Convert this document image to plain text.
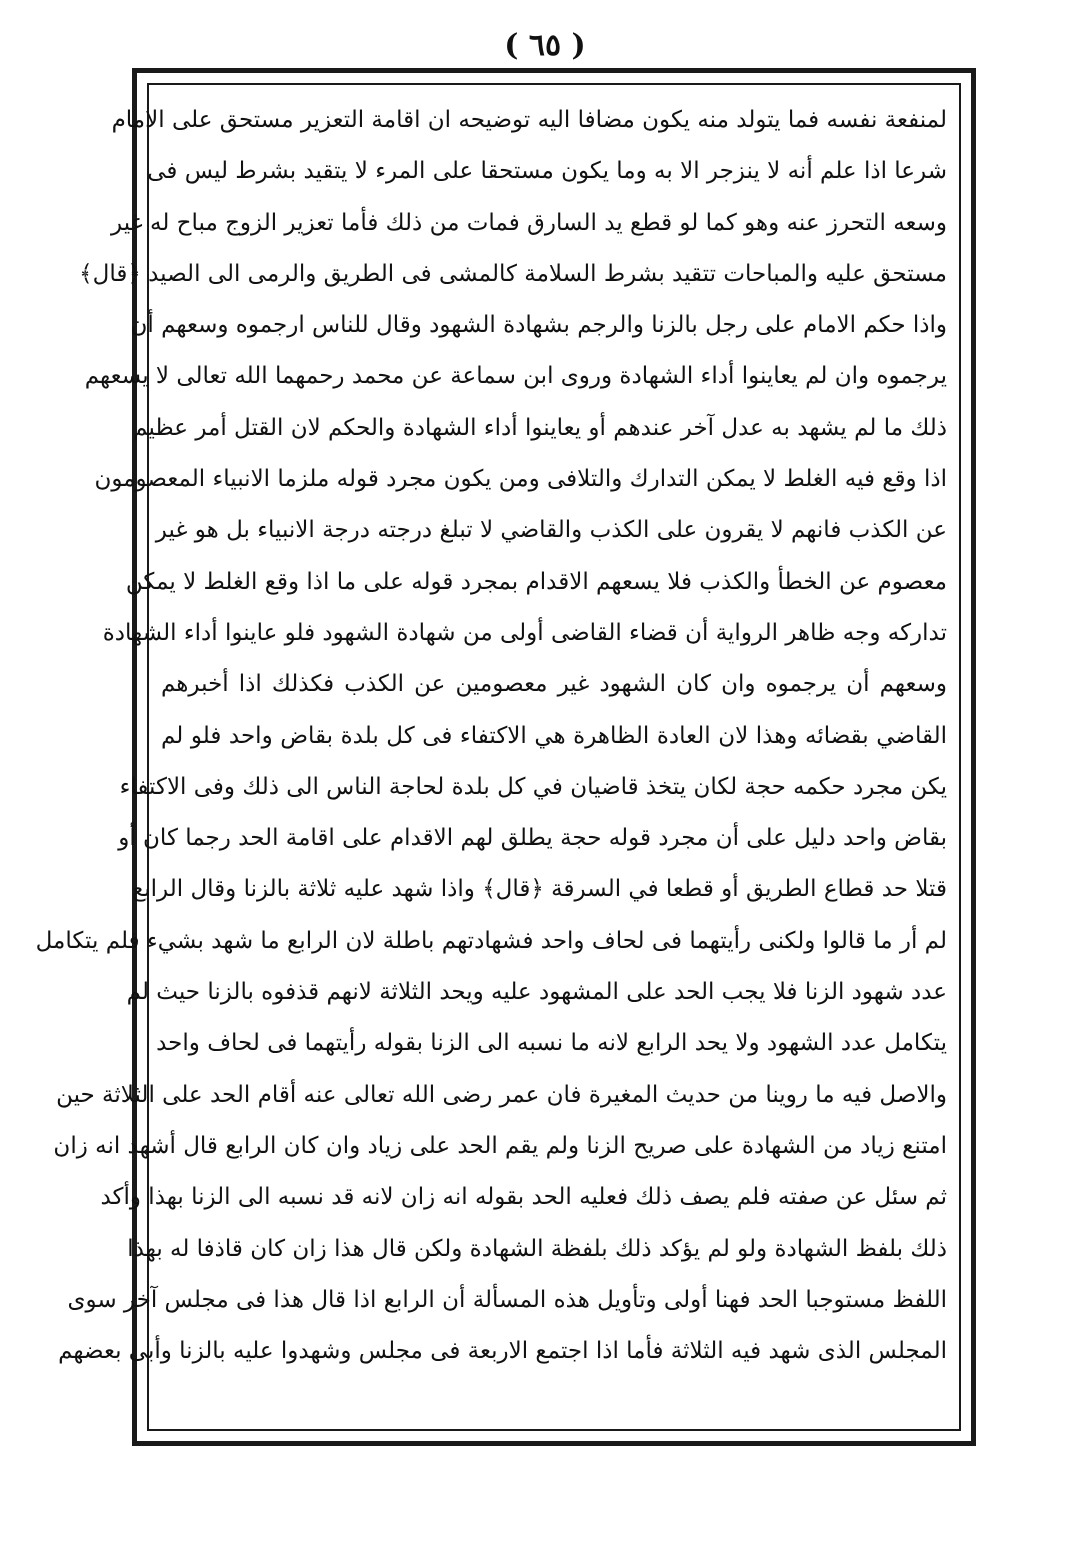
( ٦٥ )
لمنفعة نفسه فما يتولد منه يكون مضافا اليه توضيحه ان اقامة التعزير مستحق على الامام
شرعا اذا علم أنه لا ينزجر الا به وما يكون مستحقا على المرء لا يتقيد بشرط ليس فى
وسعه التحرز عنه وهو كما لو قطع يد السارق فمات من ذلك فأما تعزير الزوج مباح له غير
مستحق عليه والمباحات تتقيد بشرط السلامة كالمشى فى الطريق والرمى الى الصيد ﴿قال﴾
واذا حكم الامام على رجل بالزنا والرجم بشهادة الشهود وقال للناس ارجموه وسعهم أن
يرجموه وان لم يعاينوا أداء الشهادة وروى ابن سماعة عن محمد رحمهما الله تعالى لا يسعهم
ذلك ما لم يشهد به عدل آخر عندهم أو يعاينوا أداء الشهادة والحكم لان القتل أمر عظيم
اذا وقع فيه الغلط لا يمكن التدارك والتلافى ومن يكون مجرد قوله ملزما الانبياء المعصومون
عن الكذب فانهم لا يقرون على الكذب والقاضي لا تبلغ درجته درجة الانبياء بل هو غير
معصوم عن الخطأ والكذب فلا يسعهم الاقدام بمجرد قوله على ما اذا وقع الغلط لا يمكن
تداركه وجه ظاهر الرواية أن قضاء القاضى أولى من شهادة الشهود فلو عاينوا أداء الشهادة
وسعهم أن يرجموه وان كان الشهود غير معصومين عن الكذب فكذلك اذا أخبرهم
القاضي بقضائه وهذا لان العادة الظاهرة هي الاكتفاء فى كل بلدة بقاض واحد فلو لم
يكن مجرد حكمه حجة لكان يتخذ قاضيان في كل بلدة لحاجة الناس الى ذلك وفى الاكتفاء
بقاض واحد دليل على أن مجرد قوله حجة يطلق لهم الاقدام على اقامة الحد رجما كان أو
قتلا حد قطاع الطريق أو قطعا في السرقة ﴿قال﴾ واذا شهد عليه ثلاثة بالزنا وقال الرابع
لم أر ما قالوا ولكنى رأيتهما فى لحاف واحد فشهادتهم باطلة لان الرابع ما شهد بشيء فلم يتكامل
عدد شهود الزنا فلا يجب الحد على المشهود عليه ويحد الثلاثة لانهم قذفوه بالزنا حيث لم
يتكامل عدد الشهود ولا يحد الرابع لانه ما نسبه الى الزنا بقوله رأيتهما فى لحاف واحد
والاصل فيه ما روينا من حديث المغيرة فان عمر رضى الله تعالى عنه أقام الحد على الثلاثة حين
امتنع زياد من الشهادة على صريح الزنا ولم يقم الحد على زياد وان كان الرابع قال أشهد انه زان
ثم سئل عن صفته فلم يصف ذلك فعليه الحد بقوله انه زان لانه قد نسبه الى الزنا بهذا وأكد
ذلك بلفظ الشهادة ولو لم يؤكد ذلك بلفظة الشهادة ولكن قال هذا زان كان قاذفا له بهذا
اللفظ مستوجبا الحد فهنا أولى وتأويل هذه المسألة أن الرابع اذا قال هذا فى مجلس آخر سوى
المجلس الذى شهد فيه الثلاثة فأما اذا اجتمع الاربعة فى مجلس وشهدوا عليه بالزنا وأبى بعضهم
